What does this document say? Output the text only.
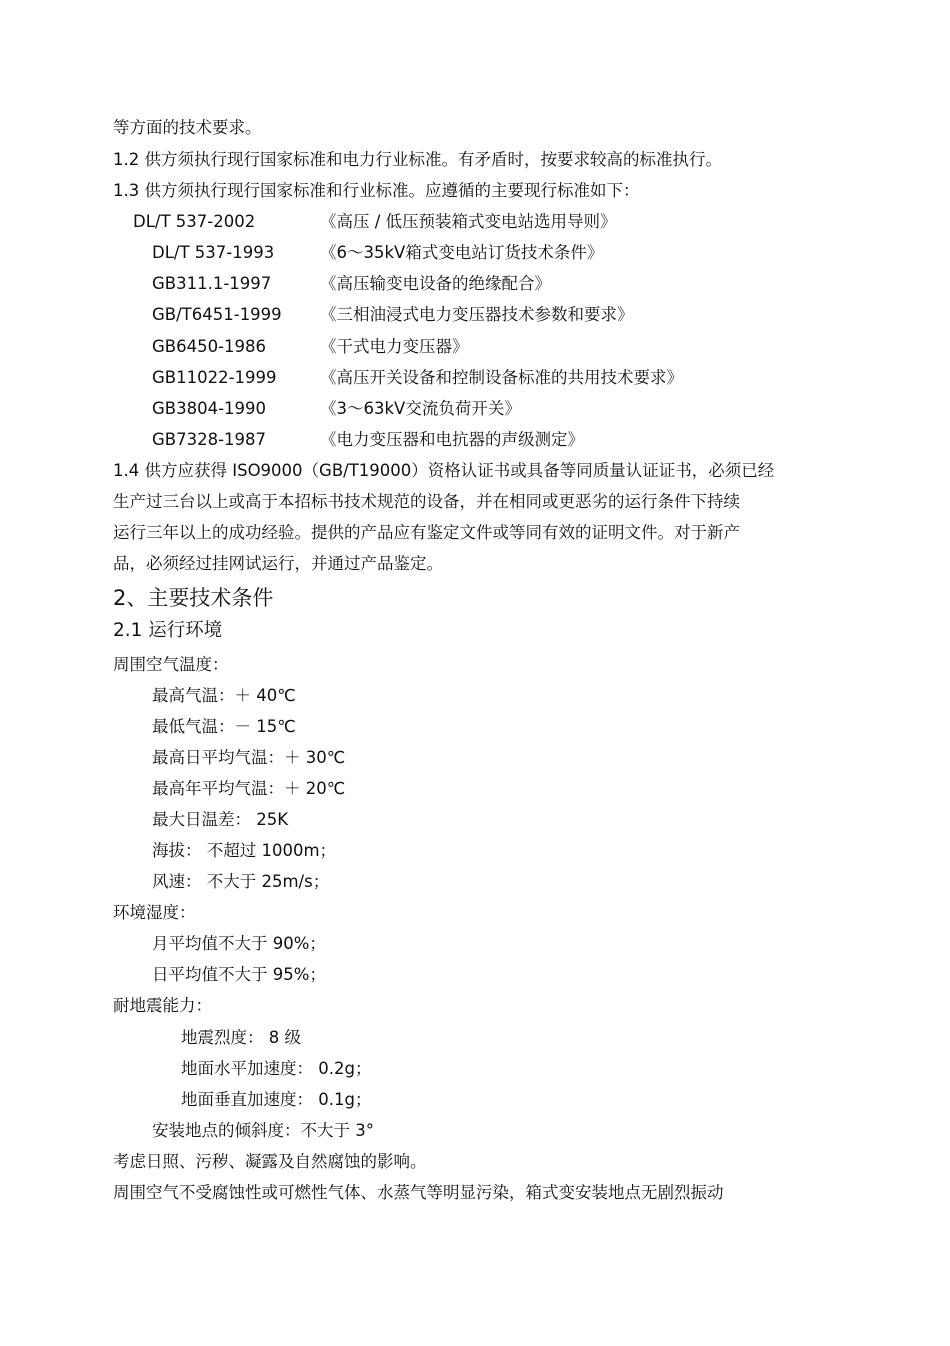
等方面的技术要求。
1.2 供方须执行现行国家标准和电力行业标准。有矛盾时，按要求较高的标准执行。
1.3 供方须执行现行国家标准和行业标准。应遵循的主要现行标准如下：
DL/T 537-2002	《高压 / 低压预装箱式变电站选用导则》
DL/T 537-1993	《6～35kV箱式变电站订货技术条件》
GB311.1-1997	《高压输变电设备的绝缘配合》
GB/T6451-1999 《三相油浸式电力变压器技术参数和要求》
GB6450-1986	《干式电力变压器》
GB11022-1999	《高压开关设备和控制设备标准的共用技术要求》
GB3804-1990	《3～63kV交流负荷开关》
GB7328-1987	《电力变压器和电抗器的声级测定》
1.4 供方应获得 ISO9000（GB/T19000）资格认证书或具备等同质量认证证书，必须已经
生产过三台以上或高于本招标书技术规范的设备，并在相同或更恶劣的运行条件下持续
运行三年以上的成功经验。提供的产品应有鉴定文件或等同有效的证明文件。对于新产
品，必须经过挂网试运行，并通过产品鉴定。
2、主要技术条件
2.1 运行环境
周围空气温度：
最高气温：＋ 40℃
最低气温：－ 15℃
最高日平均气温：＋ 30℃
最高年平均气温：＋ 20℃
最大日温差： 25K
海拔： 不超过 1000m；
风速： 不大于 25m/s；
环境湿度：
月平均值不大于 90%；
日平均值不大于 95%；
耐地震能力：
地震烈度： 8 级
地面水平加速度： 0.2g；
地面垂直加速度： 0.1g；
安装地点的倾斜度：不大于 3°
考虑日照、污秽、凝露及自然腐蚀的影响。
周围空气不受腐蚀性或可燃性气体、水蒸气等明显污染，箱式变安装地点无剧烈振动
